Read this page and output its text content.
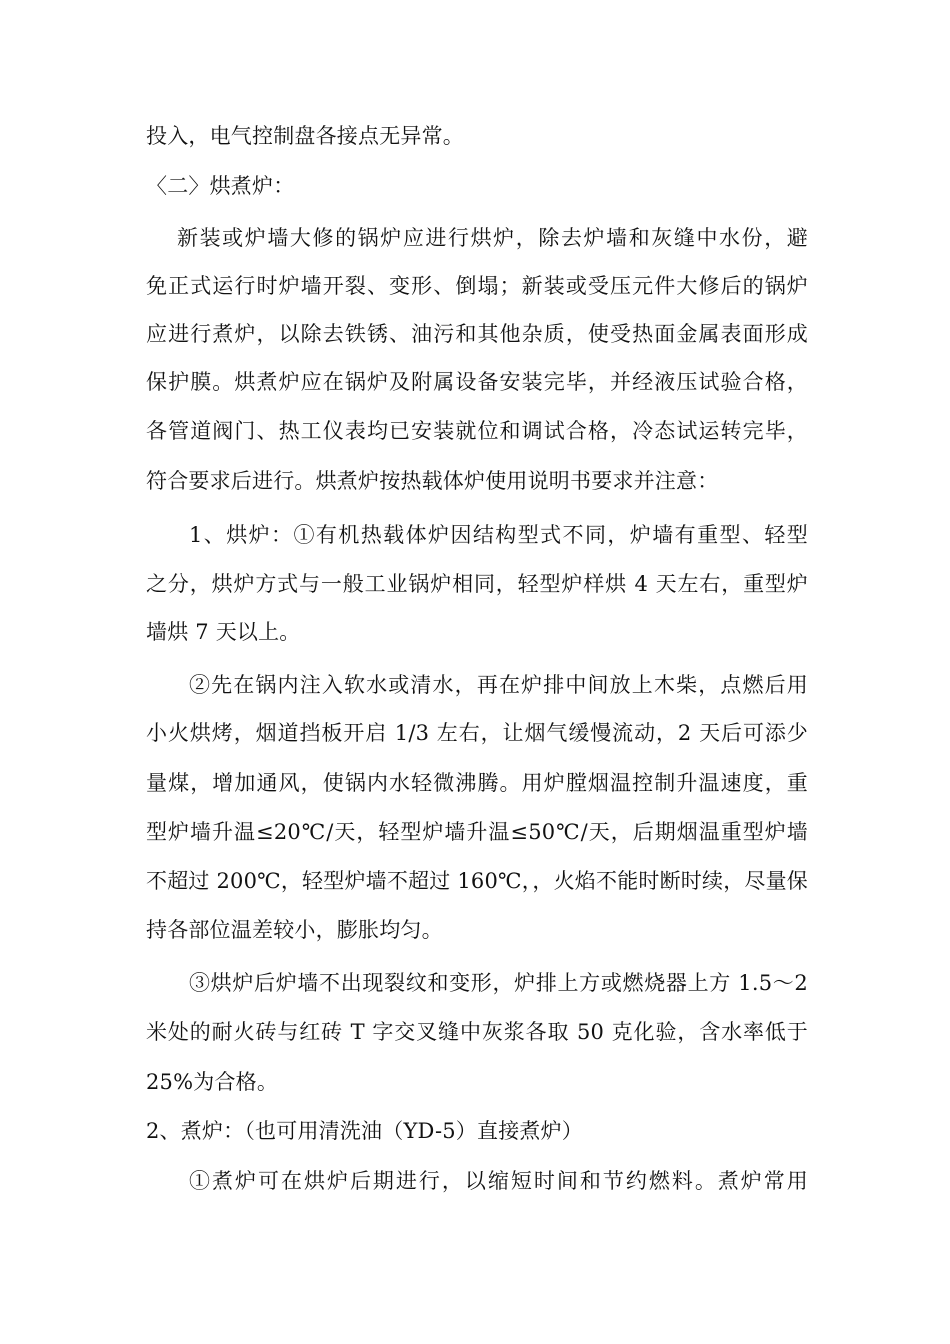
投入，电气控制盘各接点无异常。
〈二〉烘煮炉：
新装或炉墙大修的锅炉应进行烘炉，除去炉墙和灰缝中水份，避
免正式运行时炉墙开裂、变形、倒塌；新装或受压元件大修后的锅炉
应进行煮炉，以除去铁锈、油污和其他杂质，使受热面金属表面形成
保护膜。烘煮炉应在锅炉及附属设备安装完毕，并经液压试验合格，
各管道阀门、热工仪表均已安装就位和调试合格，冷态试运转完毕，
符合要求后进行。烘煮炉按热载体炉使用说明书要求并注意：
1、烘炉：①有机热载体炉因结构型式不同，炉墙有重型、轻型
之分，烘炉方式与一般工业锅炉相同，轻型炉样烘 4 天左右，重型炉
墙烘 7 天以上。
②先在锅内注入软水或清水，再在炉排中间放上木柴，点燃后用
小火烘烤，烟道挡板开启 1/3 左右，让烟气缓慢流动，2 天后可添少
量煤，增加通风，使锅内水轻微沸腾。用炉膛烟温控制升温速度，重
型炉墙升温≤20℃/天，轻型炉墙升温≤50℃/天，后期烟温重型炉墙
不超过 200℃，轻型炉墙不超过 160℃，，火焰不能时断时续，尽量保
持各部位温差较小，膨胀均匀。
③烘炉后炉墙不出现裂纹和变形，炉排上方或燃烧器上方 1.5～2
米处的耐火砖与红砖 T 字交叉缝中灰浆各取 50 克化验，含水率低于
25%为合格。
2、煮炉：（也可用清洗油（YD-5）直接煮炉）
①煮炉可在烘炉后期进行，以缩短时间和节约燃料。煮炉常用
